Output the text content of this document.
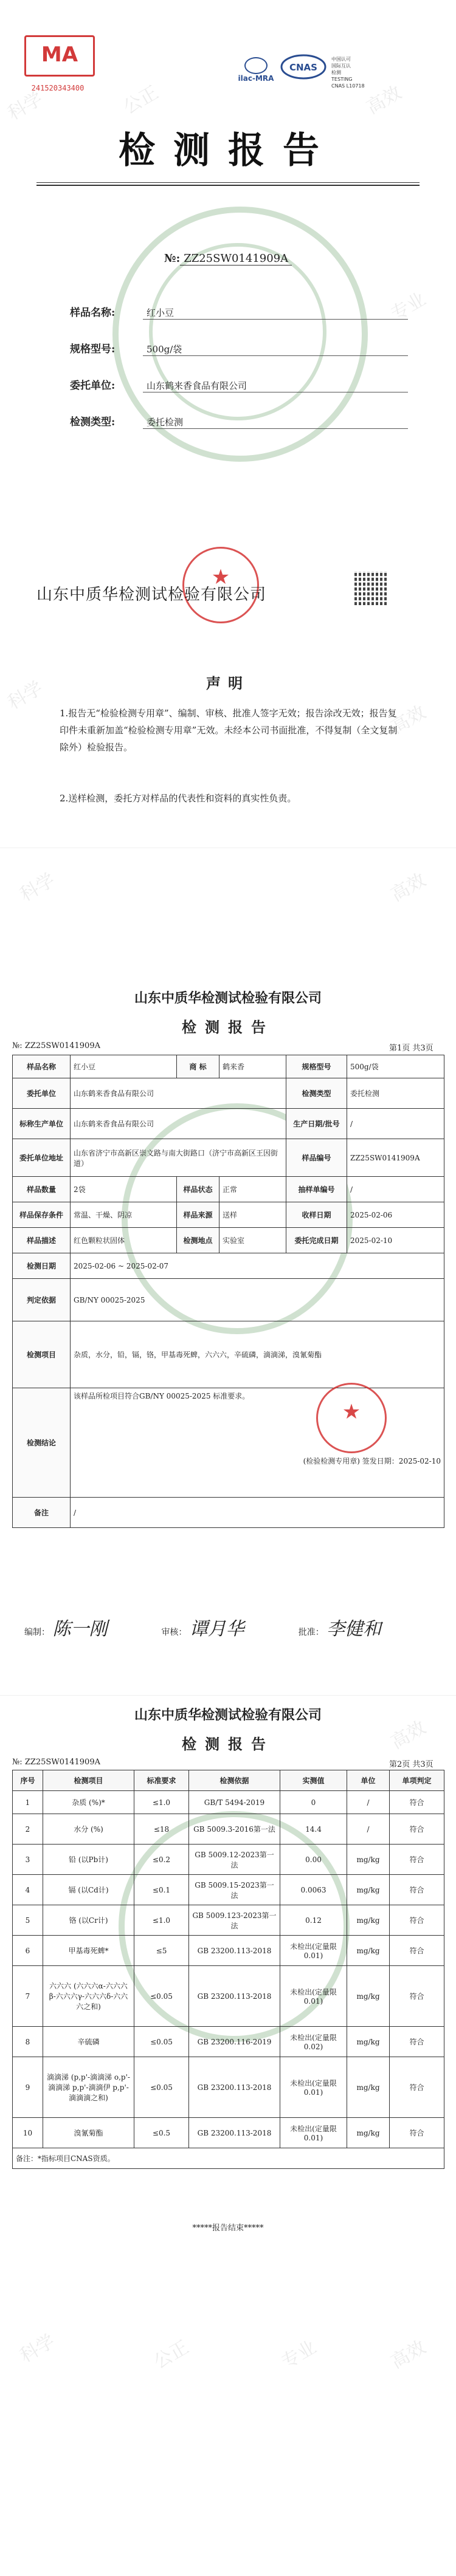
科学	公正	高效
专业
科学
高效
MA
241520343400
ilac-MRA
CNAS
中国认可
国际互认
检测
TESTING
CNAS L10718
检测报告
№: ZZ25SW0141909A
样品名称:	红小豆
规格型号:	500g/袋
委托单位:	山东鹤来香食品有限公司
检测类型:	委托检测
★
山东中质华检测试检验有限公司
声明
1.报告无“检验检测专用章”、编制、审核、批准人签字无效；报告涂改无效；报告复印件未重新加盖“检验检测专用章”无效。未经本公司书面批准，不得复制（全文复制除外）检验报告。
2.送样检测，委托方对样品的代表性和资料的真实性负责。
科学	高效
山东中质华检测试检验有限公司
检测报告
№: ZZ25SW0141909A	第1页 共3页
样品名称	红小豆	商 标	鹤来香	规格型号	500g/袋
委托单位	山东鹤来香食品有限公司			检测类型	委托检测
标称生产单位	山东鹤来香食品有限公司			生产日期/批号	/
委托单位地址	山东省济宁市高新区崇文路与南大街路口（济宁市高新区王因街道）			样品编号	ZZ25SW0141909A
样品数量	2袋	样品状态	正常	抽样单编号	/
样品保存条件	常温、干燥、阴凉	样品来源	送样	收样日期	2025-02-06
样品描述	红色颗粒状固体	检测地点	实验室	委托完成日期	2025-02-10
检测日期	2025-02-06 ~ 2025-02-07				
判定依据	GB/NY 00025-2025				
检测项目	杂质，水分，铅，镉，铬，甲基毒死蜱，六六六，辛硫磷，滴滴涕，溴氰菊酯				
检测结论	该样品所检项目符合GB/NY 00025-2025 标准要求。
(检验检测专用章) 签发日期：2025-02-10				

备注	/				
★
编制： 陈一刚	审核： 谭月华	批准： 李健和
高效
科学	公正	专业	高效
山东中质华检测试检验有限公司
检测报告
№: ZZ25SW0141909A	第2页 共3页
序号	检测项目	标准要求	检测依据	实测值	单位	单项判定
1	杂质 (%)*	≤1.0	GB/T 5494-2019	0	/	符合
2	水分 (%)	≤18	GB 5009.3-2016第一法	14.4	/	符合
3	铅 (以Pb计)	≤0.2	GB 5009.12-2023第一法	0.00	mg/kg	符合
4	镉 (以Cd计)	≤0.1	GB 5009.15-2023第一法	0.0063	mg/kg	符合
5	铬 (以Cr计)	≤1.0	GB 5009.123-2023第一法	0.12	mg/kg	符合
6	甲基毒死蜱*	≤5	GB 23200.113-2018	未检出(定量限0.01)	mg/kg	符合
7	六六六 (六六六α-六六六β-六六六γ-六六六δ-六六六之和)	≤0.05	GB 23200.113-2018	未检出(定量限0.01)	mg/kg	符合
8	辛硫磷	≤0.05	GB 23200.116-2019	未检出(定量限0.02)	mg/kg	符合
9	滴滴涕 (p,p'-滴滴涕 o,p'-滴滴涕 p,p'-滴滴伊 p,p'-滴滴滴之和)	≤0.05	GB 23200.113-2018	未检出(定量限0.01)	mg/kg	符合
10	溴氰菊酯	≤0.5	GB 23200.113-2018	未检出(定量限0.01)	mg/kg	符合
备注：*指标项目CNAS资质。						
*****报告结束*****
